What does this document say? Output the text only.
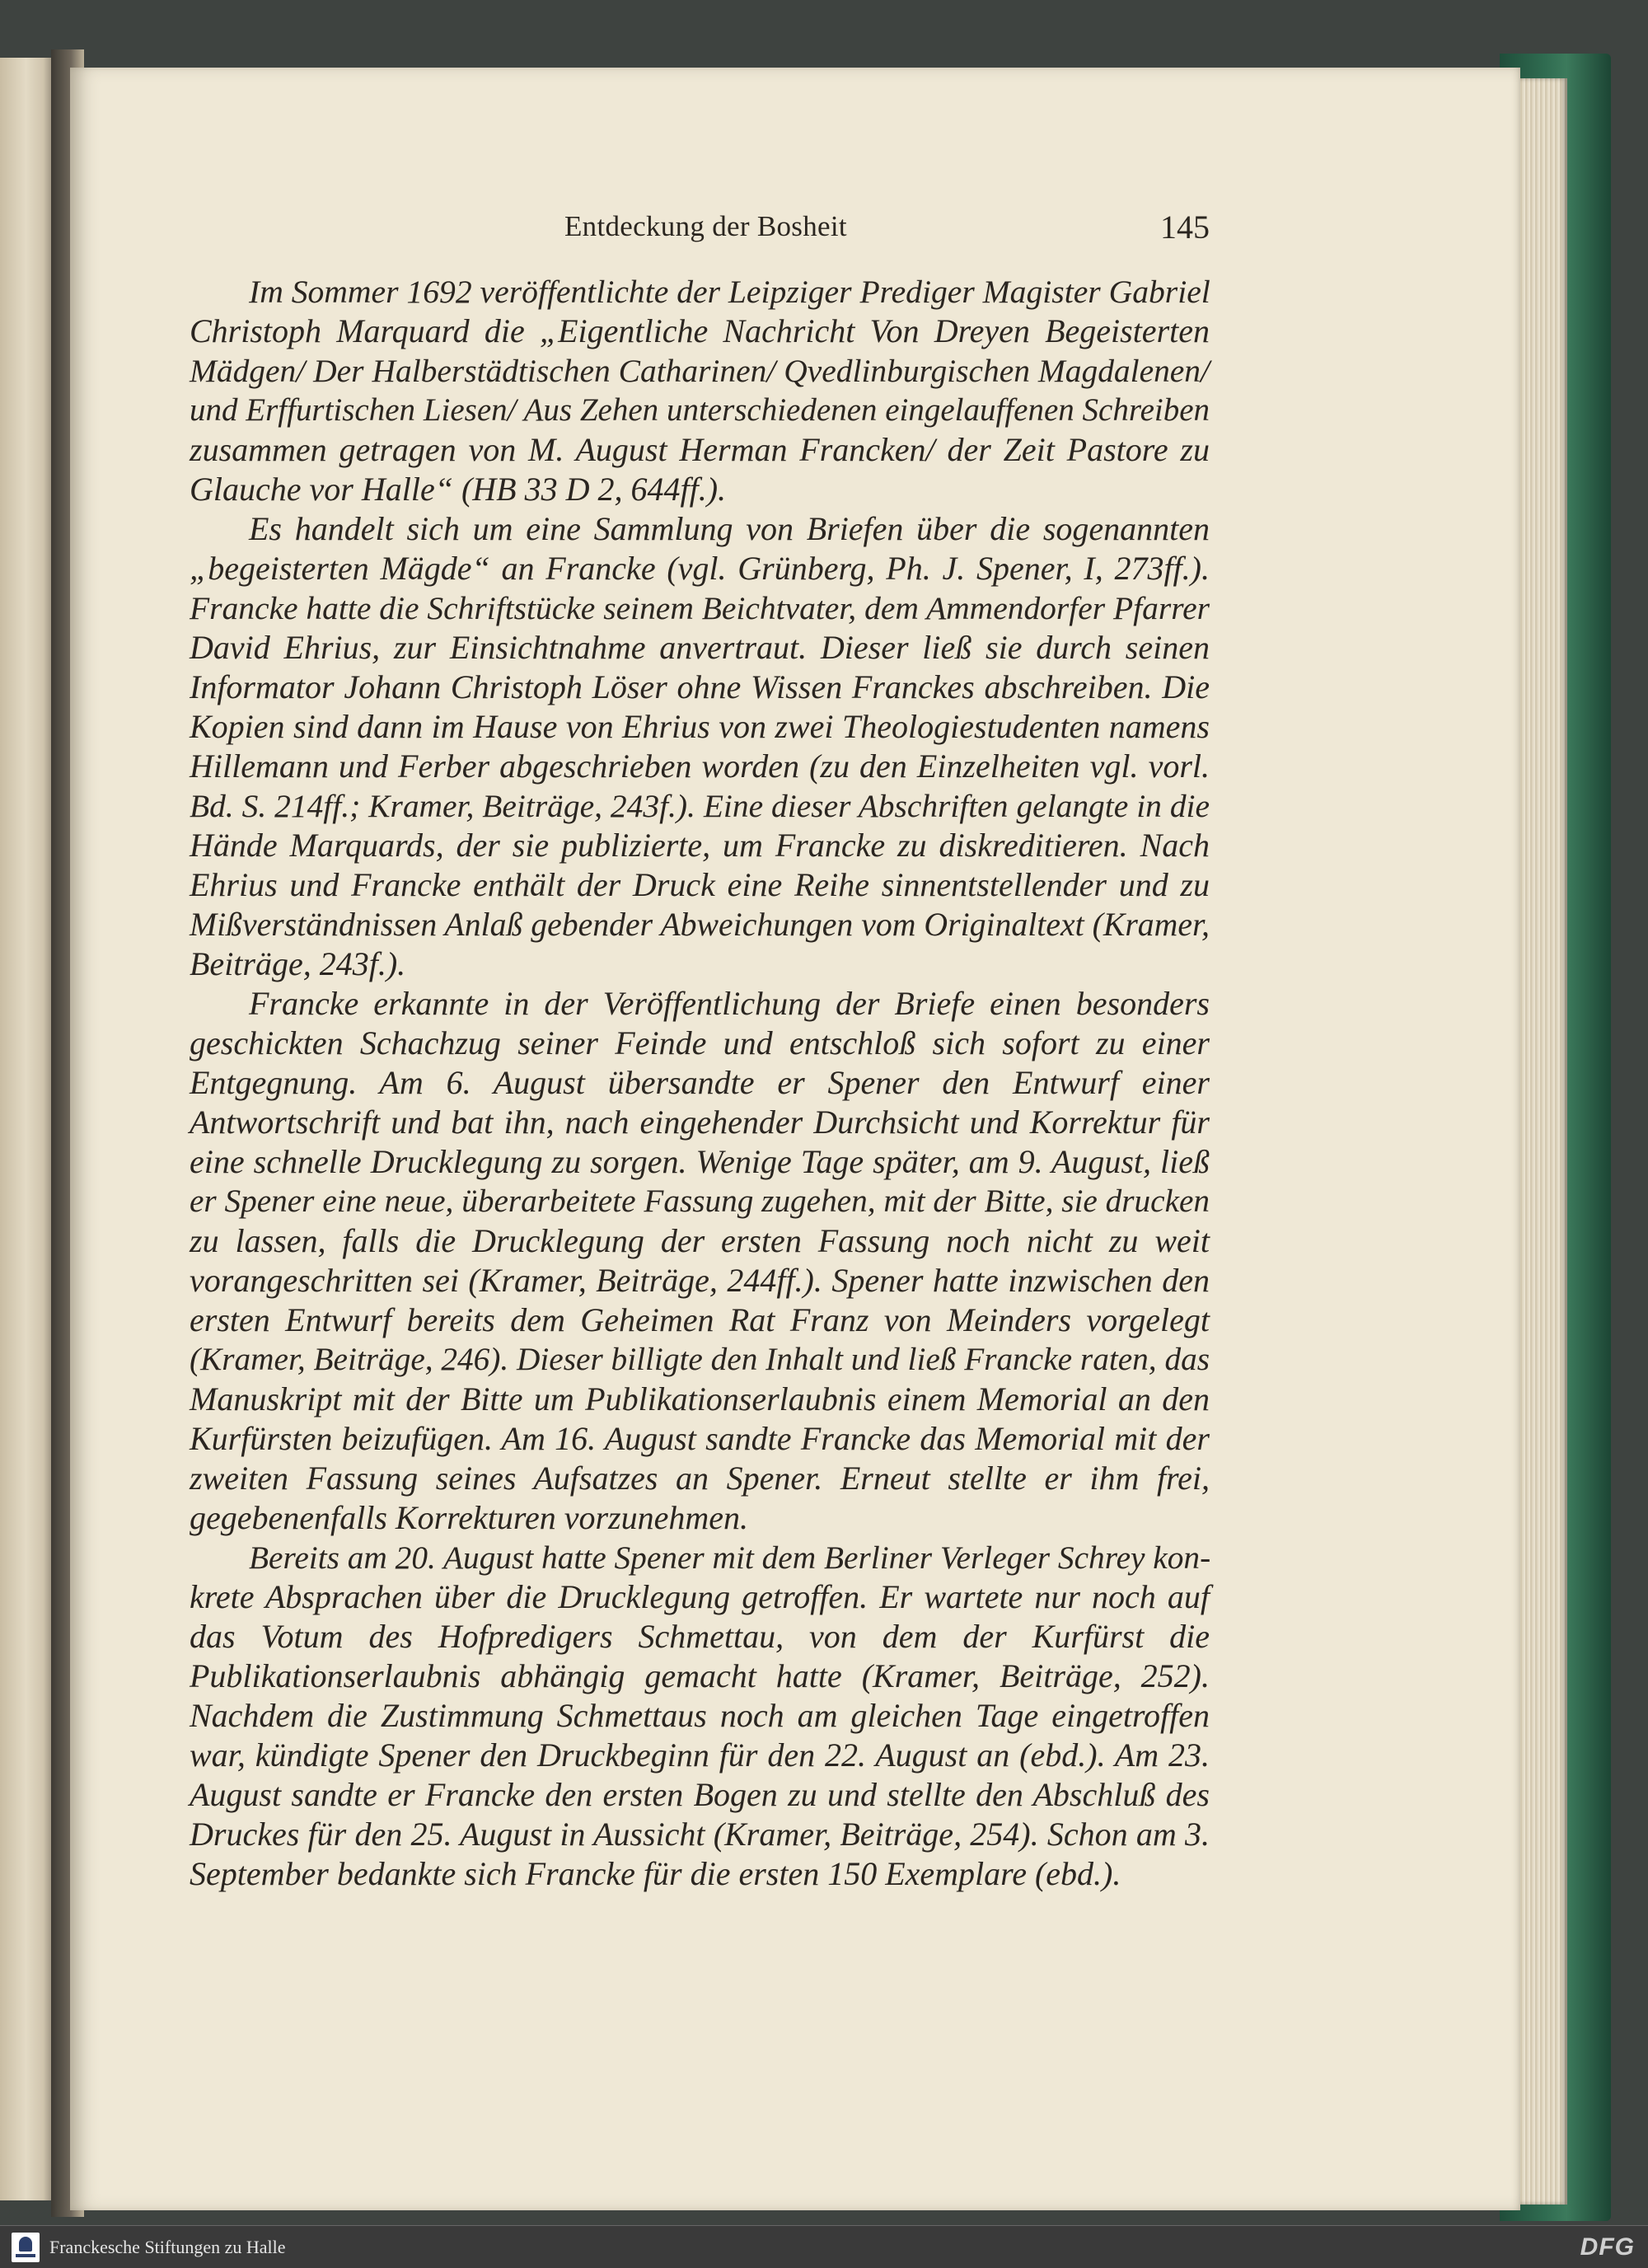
Entdeckung der Bosheit	145

Im Sommer 1692 veröffentlichte der Leipziger Prediger Magister Gabriel
Christoph Marquard die „Eigentliche Nachricht Von Dreyen Begeisterten
Mädgen/ Der Halberstädtischen Catharinen/ Qvedlinburgischen Magdalenen/
und Erffurtischen Liesen/ Aus Zehen unterschiedenen eingelauffenen Schreiben
zusammen getragen von M. August Herman Francken/ der Zeit Pastore zu
Glauche vor Halle“ (HB 33 D 2, 644ff.).

Es handelt sich um eine Sammlung von Briefen über die sogenannten
„begeisterten Mägde“ an Francke (vgl. Grünberg, Ph. J. Spener, I, 273ff.).
Francke hatte die Schriftstücke seinem Beichtvater, dem Ammendorfer Pfarrer
David Ehrius, zur Einsichtnahme anvertraut. Dieser ließ sie durch seinen
Informator Johann Christoph Löser ohne Wissen Franckes abschreiben. Die
Kopien sind dann im Hause von Ehrius von zwei Theologiestudenten namens
Hillemann und Ferber abgeschrieben worden (zu den Einzelheiten vgl. vorl.
Bd. S. 214ff.; Kramer, Beiträge, 243f.). Eine dieser Abschriften gelangte in die
Hände Marquards, der sie publizierte, um Francke zu diskreditieren. Nach
Ehrius und Francke enthält der Druck eine Reihe sinnentstellender und zu
Mißverständnissen Anlaß gebender Abweichungen vom Originaltext (Kramer,
Beiträge, 243f.).

Francke erkannte in der Veröffentlichung der Briefe einen besonders
geschickten Schachzug seiner Feinde und entschloß sich sofort zu einer
Entgegnung. Am 6. August übersandte er Spener den Entwurf einer
Antwortschrift und bat ihn, nach eingehender Durchsicht und Korrektur für
eine schnelle Drucklegung zu sorgen. Wenige Tage später, am 9. August, ließ
er Spener eine neue, überarbeitete Fassung zugehen, mit der Bitte, sie drucken
zu lassen, falls die Drucklegung der ersten Fassung noch nicht zu weit
vorangeschritten sei (Kramer, Beiträge, 244ff.). Spener hatte inzwischen den
ersten Entwurf bereits dem Geheimen Rat Franz von Meinders vorgelegt
(Kramer, Beiträge, 246). Dieser billigte den Inhalt und ließ Francke raten, das
Manuskript mit der Bitte um Publikationserlaubnis einem Memorial an den
Kurfürsten beizufügen. Am 16. August sandte Francke das Memorial mit der
zweiten Fassung seines Aufsatzes an Spener. Erneut stellte er ihm frei,
gegebenenfalls Korrekturen vorzunehmen.

Bereits am 20. August hatte Spener mit dem Berliner Verleger Schrey kon-
krete Absprachen über die Drucklegung getroffen. Er wartete nur noch auf
das Votum des Hofpredigers Schmettau, von dem der Kurfürst die
Publikationserlaubnis abhängig gemacht hatte (Kramer, Beiträge, 252).
Nachdem die Zustimmung Schmettaus noch am gleichen Tage eingetroffen
war, kündigte Spener den Druckbeginn für den 22. August an (ebd.). Am 23.
August sandte er Francke den ersten Bogen zu und stellte den Abschluß des
Druckes für den 25. August in Aussicht (Kramer, Beiträge, 254). Schon am 3.
September bedankte sich Francke für die ersten 150 Exemplare (ebd.).

Franckesche Stiftungen zu Halle	DFG
